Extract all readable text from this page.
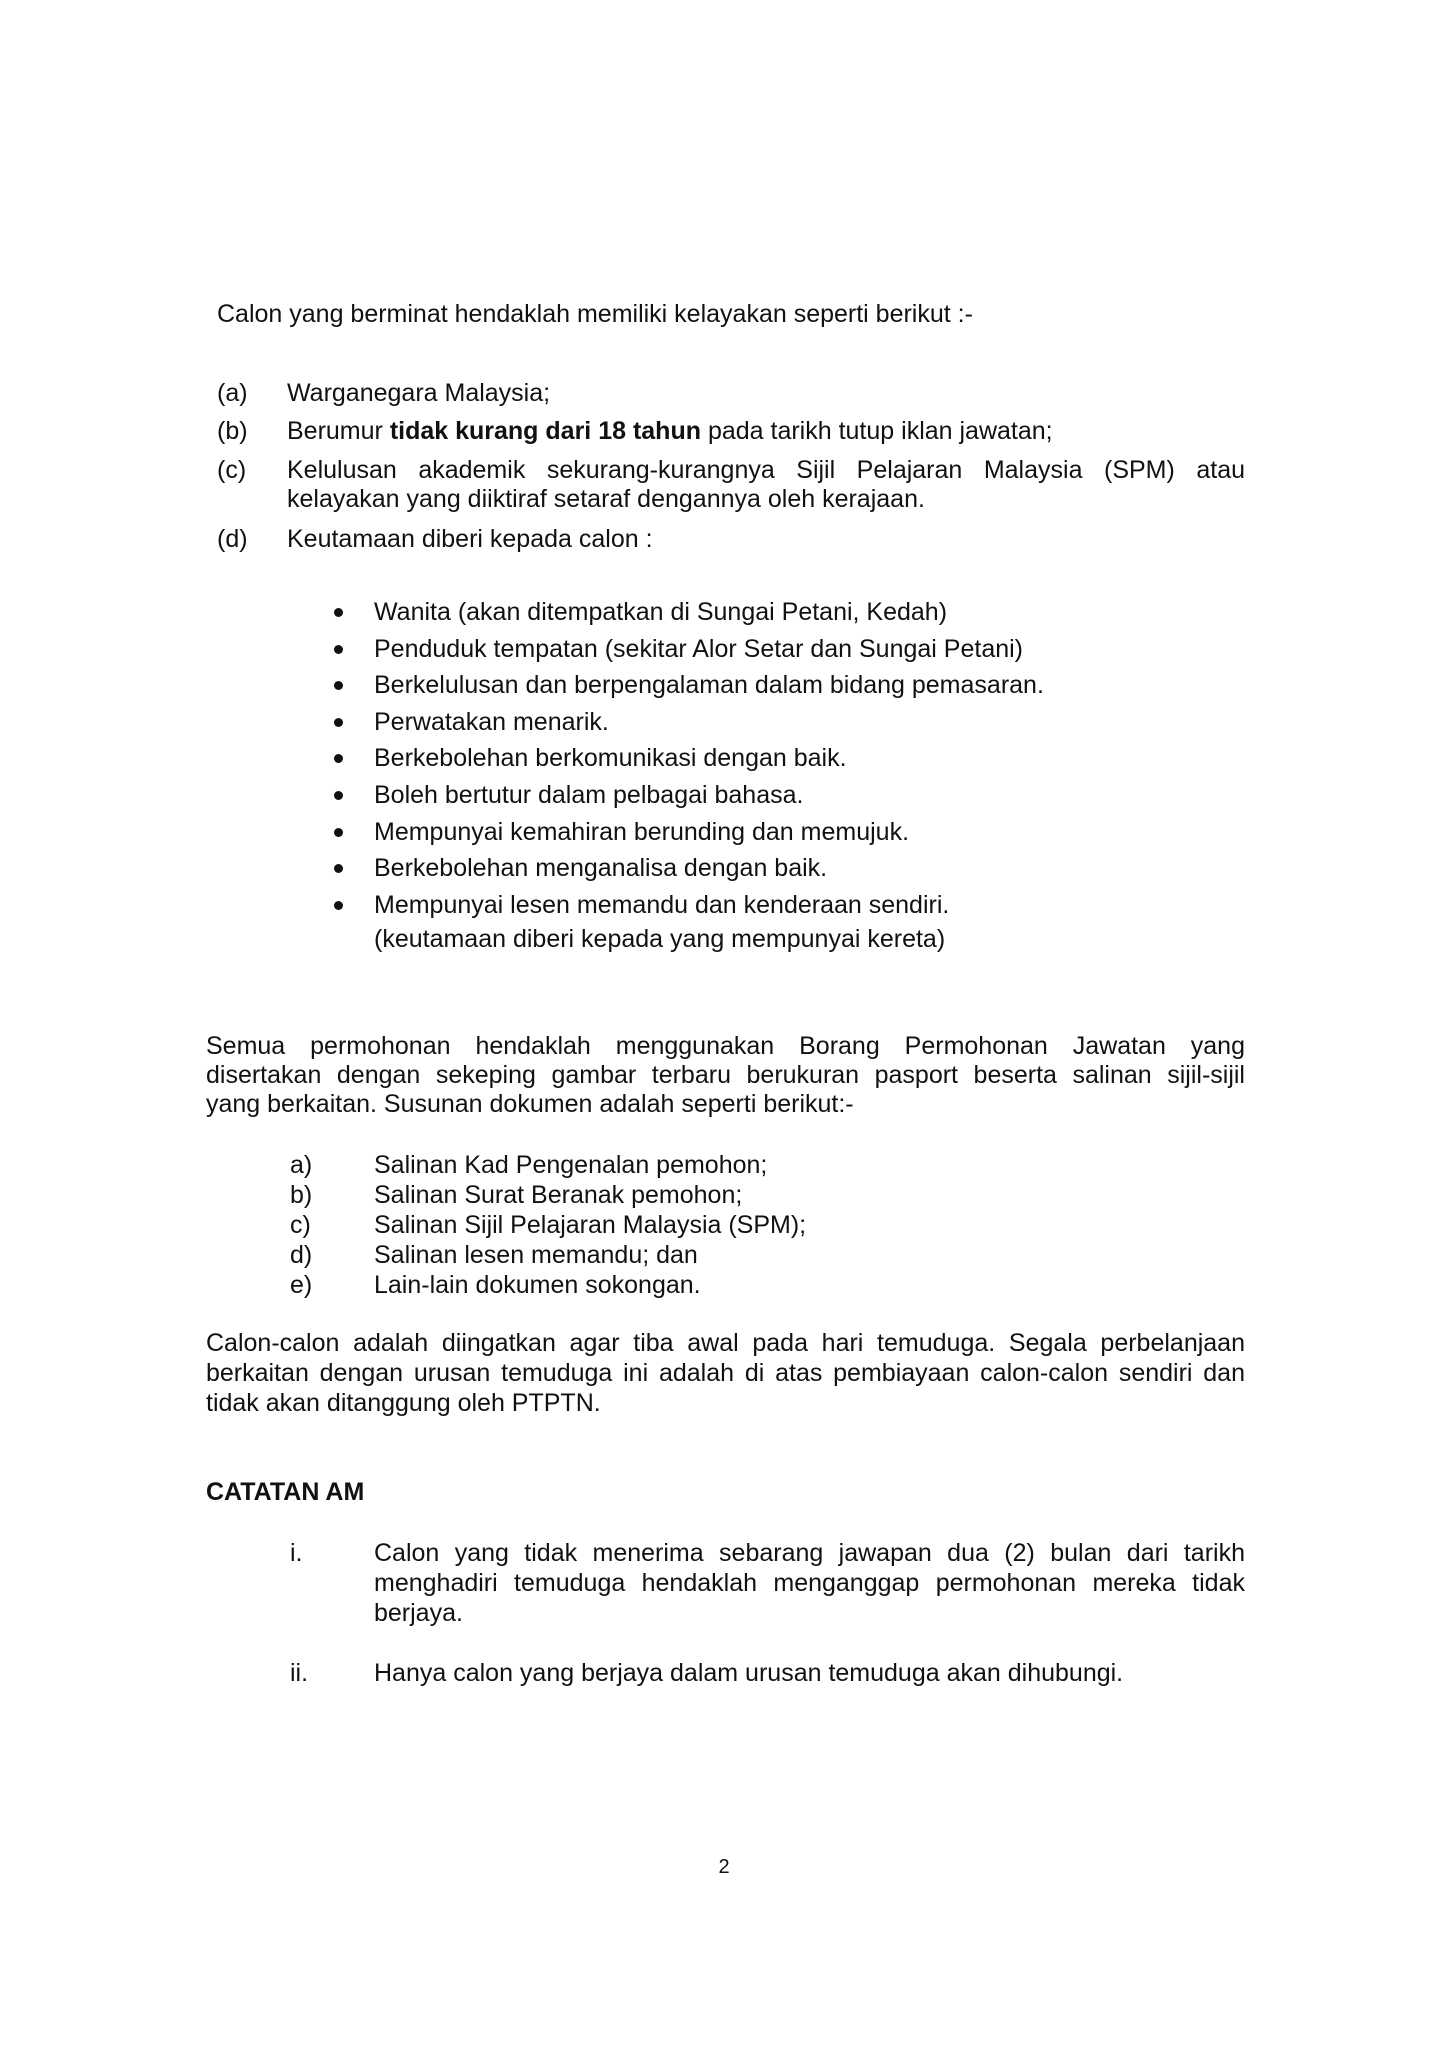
Calon yang berminat hendaklah memiliki kelayakan seperti berikut :-
(a) Warganegara Malaysia;
(b) Berumur tidak kurang dari 18 tahun pada tarikh tutup iklan jawatan;
(c) Kelulusan akademik sekurang-kurangnya Sijil Pelajaran Malaysia (SPM) atau
kelayakan yang diiktiraf setaraf dengannya oleh kerajaan.
(d) Keutamaan diberi kepada calon :
Wanita (akan ditempatkan di Sungai Petani, Kedah)
Penduduk tempatan (sekitar Alor Setar dan Sungai Petani)
Berkelulusan dan berpengalaman dalam bidang pemasaran.
Perwatakan menarik.
Berkebolehan berkomunikasi dengan baik.
Boleh bertutur dalam pelbagai bahasa.
Mempunyai kemahiran berunding dan memujuk.
Berkebolehan menganalisa dengan baik.
Mempunyai lesen memandu dan kenderaan sendiri.
(keutamaan diberi kepada yang mempunyai kereta)
Semua permohonan hendaklah menggunakan Borang Permohonan Jawatan yang
disertakan dengan sekeping gambar terbaru berukuran pasport beserta salinan sijil-sijil
yang berkaitan. Susunan dokumen adalah seperti berikut:-
a) Salinan Kad Pengenalan pemohon;
b) Salinan Surat Beranak pemohon;
c)	Salinan Sijil Pelajaran Malaysia (SPM);
d) Salinan lesen memandu; dan
e) Lain-lain dokumen sokongan.
Calon-calon adalah diingatkan agar tiba awal pada hari temuduga. Segala perbelanjaan
berkaitan dengan urusan temuduga ini adalah di atas pembiayaan calon-calon sendiri dan
tidak akan ditanggung oleh PTPTN.
CATATAN AM
i.	Calon yang tidak menerima sebarang jawapan dua (2) bulan dari tarikh
menghadiri temuduga hendaklah menganggap permohonan mereka tidak
berjaya.
ii.	Hanya calon yang berjaya dalam urusan temuduga akan dihubungi.
2
